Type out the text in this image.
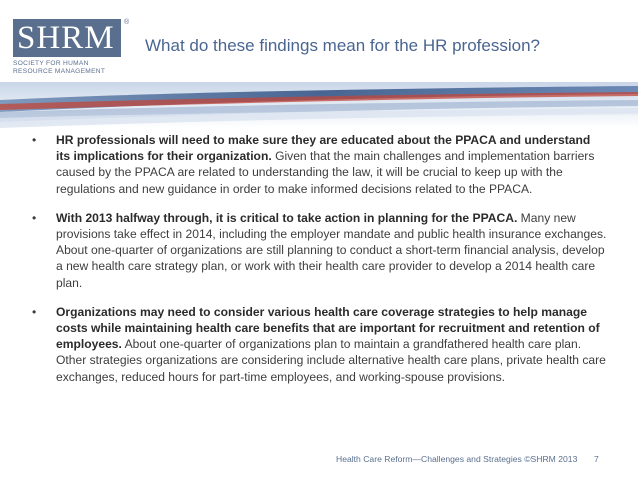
SHRM	®
SOCIETY FOR HUMAN
RESOURCE MANAGEMENT
What do these findings mean for the HR profession?
• HR professionals will need to make sure they are educated about the PPACA and understand its implications for their organization. Given that the main challenges and implementation barriers caused by the PPACA are related to understanding the law, it will be crucial to keep up with the regulations and new guidance in order to make informed decisions related to the PPACA.
• With 2013 halfway through, it is critical to take action in planning for the PPACA. Many new provisions take effect in 2014, including the employer mandate and public health insurance exchanges. About one-quarter of organizations are still planning to conduct a short-term financial analysis, develop a new health care strategy plan, or work with their health care provider to develop a 2014 health care plan.
• Organizations may need to consider various health care coverage strategies to help manage costs while maintaining health care benefits that are important for recruitment and retention of employees. About one-quarter of organizations plan to maintain a grandfathered health care plan. Other strategies organizations are considering include alternative health care plans, private health care exchanges, reduced hours for part-time employees, and working-spouse provisions.
Health Care Reform—Challenges and Strategies ©SHRM 2013 7
